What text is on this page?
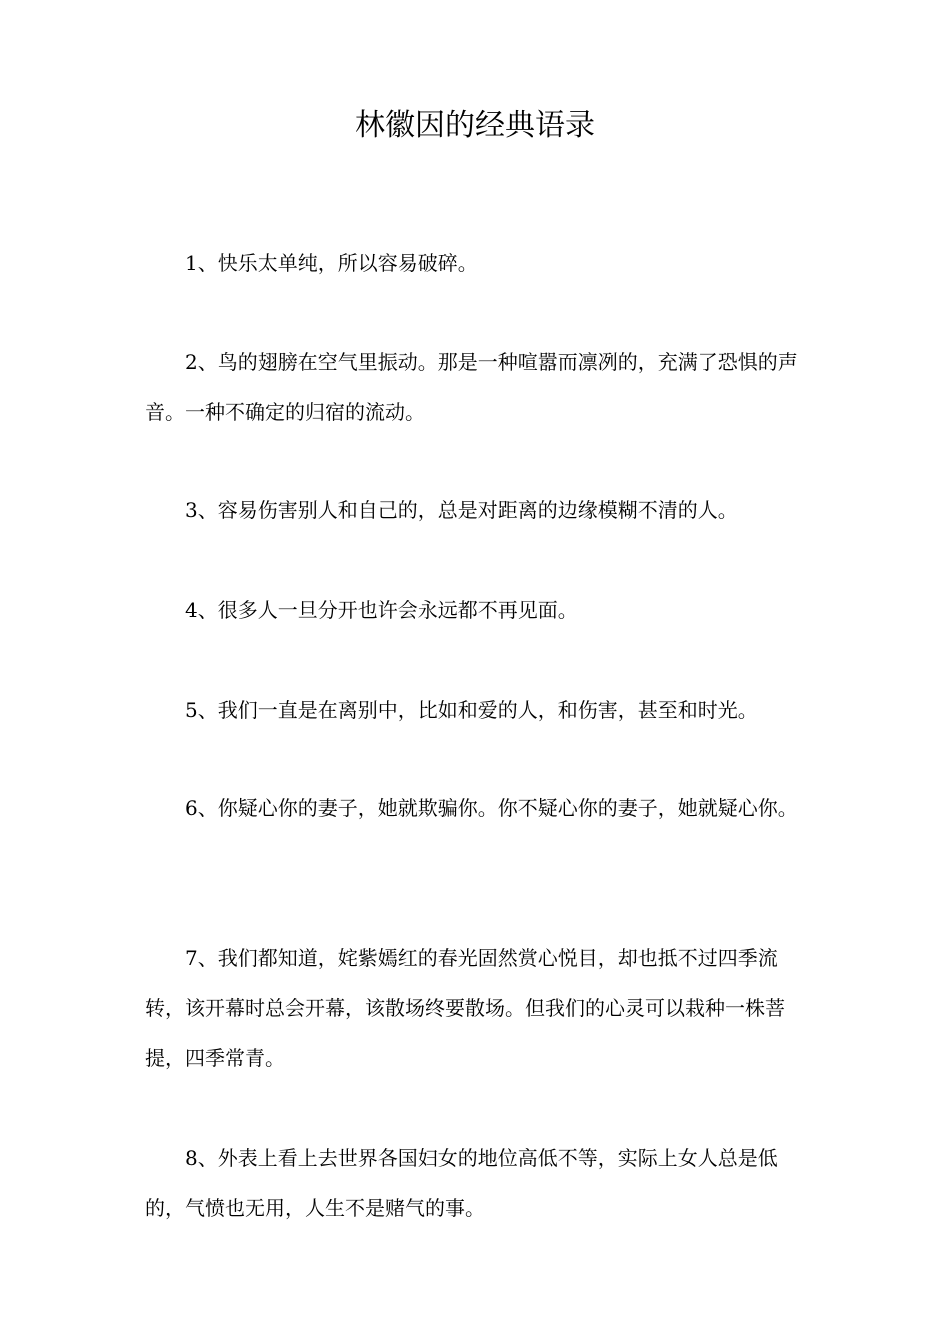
林徽因的经典语录

1、快乐太单纯，所以容易破碎。

2、鸟的翅膀在空气里振动。那是一种喧嚣而凛冽的，充满了恐惧的声音。一种不确定的归宿的流动。

3、容易伤害别人和自己的，总是对距离的边缘模糊不清的人。

4、很多人一旦分开也许会永远都不再见面。

5、我们一直是在离别中，比如和爱的人，和伤害，甚至和时光。

6、你疑心你的妻子，她就欺骗你。你不疑心你的妻子，她就疑心你。

7、我们都知道，姹紫嫣红的春光固然赏心悦目，却也抵不过四季流转，该开幕时总会开幕，该散场终要散场。但我们的心灵可以栽种一株菩提，四季常青。

8、外表上看上去世界各国妇女的地位高低不等，实际上女人总是低的，气愤也无用，人生不是赌气的事。
